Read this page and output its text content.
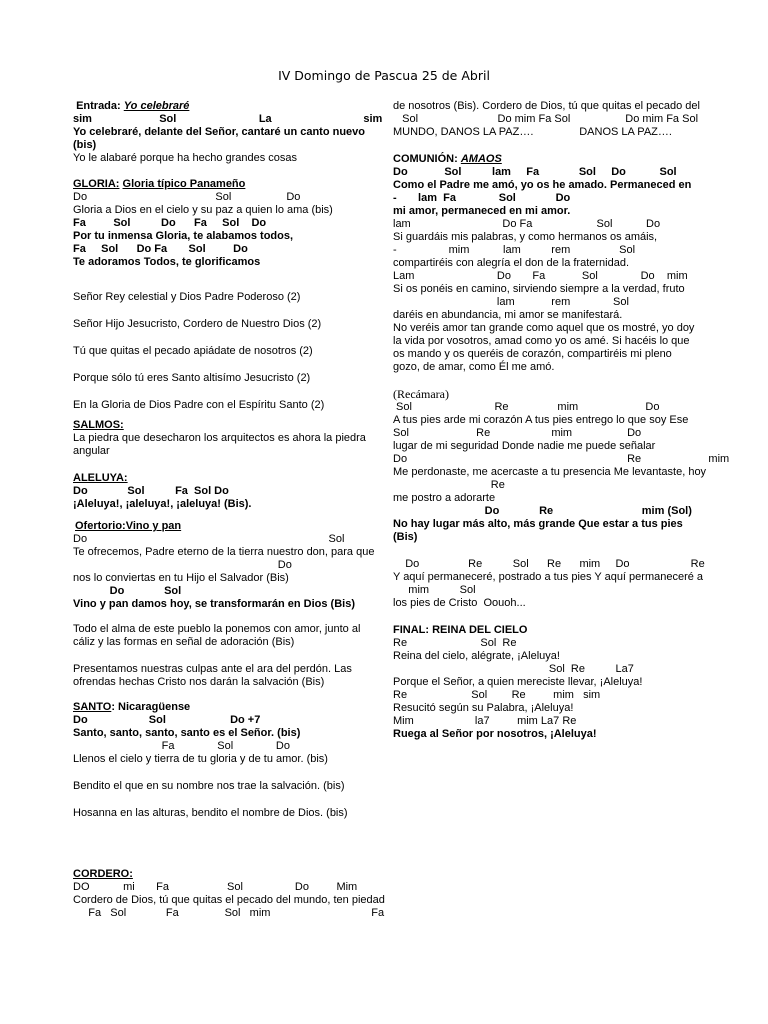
IV Domingo de Pascua 25 de Abril
Entrada: Yo celebraré
sim                      Sol                           La                              sim
Yo celebraré, delante del Señor, cantaré un canto nuevo
(bis)
Yo le alabaré porque ha hecho grandes cosas
GLORIA: Gloria típico Panameño
Do                                          Sol                  Do
Gloria a Dios en el cielo y su paz a quien lo ama (bis)
Fa         Sol          Do      Fa     Sol    Do
Por tu inmensa Gloria, te alabamos todos,
Fa     Sol      Do Fa       Sol         Do
Te adoramos Todos, te glorificamos
Señor Rey celestial y Dios Padre Poderoso (2)
Señor Hijo Jesucristo, Cordero de Nuestro Dios (2)
Tú que quitas el pecado apiádate de nosotros (2)
Porque sólo tú eres Santo altisímo Jesucristo (2)
En la Gloria de Dios Padre con el Espíritu Santo (2)
SALMOS:
La piedra que desecharon los arquitectos es ahora la piedra angular
ALELUYA:
Do             Sol          Fa  Sol Do
¡Aleluya!, ¡aleluya!, ¡aleluya! (Bis).
Ofertorio:Vino y pan
Do                                                                               Sol
Te ofrecemos, Padre eterno de la tierra nuestro don, para que
Do
nos lo conviertas en tu Hijo el Salvador (Bis)
Do             Sol
Vino y pan damos hoy, se transformarán en Dios (Bis)
Todo el alma de este pueblo la ponemos con amor, junto al cáliz y las formas en señal de adoración (Bis)
Presentamos nuestras culpas ante el ara del perdón. Las ofrendas hechas Cristo nos darán la salvación (Bis)
SANTO: Nicaragüense
Do                    Sol                     Do +7
Santo, santo, santo, santo es el Señor. (bis)
Fa              Sol              Do
Llenos el cielo y tierra de tu gloria y de tu amor. (bis)
Bendito el que en su nombre nos trae la salvación. (bis)
Hosanna en las alturas, bendito el nombre de Dios. (bis)
CORDERO:
DO           mi       Fa                   Sol                 Do         Mim
Cordero de Dios, tú que quitas el pecado del mundo, ten piedad
Fa   Sol             Fa               Sol   mim                                 Fa
de nosotros (Bis). Cordero de Dios, tú que quitas el pecado del
Sol                          Do mim Fa Sol                  Do mim Fa Sol
MUNDO, DANOS LA PAZ….               DANOS LA PAZ….
COMUNIÓN: AMAOS
Do            Sol          lam     Fa             Sol     Do           Sol
Como el Padre me amó, yo os he amado. Permaneced en
-       lam  Fa              Sol             Do
mi amor, permaneced en mi amor.
lam                              Do Fa                     Sol           Do
Si guardáis mis palabras, y como hermanos os amáis,
-                 mim           lam          rem                Sol
compartiréis con alegría el don de la fraternidad.
Lam                           Do       Fa            Sol              Do    mim
Si os ponéis en camino, sirviendo siempre a la verdad, fruto
lam            rem              Sol
daréis en abundancia, mi amor se manifestará.
No veréis amor tan grande como aquel que os mostré, yo doy la vida por vosotros, amad como yo os amé. Si hacéis lo que os mando y os queréis de corazón, compartiréis mi pleno gozo, de amar, como Él me amó.
(Recámara)
Sol                           Re                mim                      Do
A tus pies arde mi corazón A tus pies entrego lo que soy Ese
Sol                      Re                    mim                  Do
lugar de mi seguridad Donde nadie me puede señalar
Do                                                                        Re                      mim
Me perdonaste, me acercaste a tu presencia Me levantaste, hoy
Re
me postro a adorarte
Do             Re                             mim (Sol)
No hay lugar más alto, más grande Que estar a tus pies
(Bis)
Do                Re          Sol      Re      mim     Do                    Re
Y aquí permaneceré, postrado a tus pies Y aquí permaneceré a
mim          Sol
los pies de Cristo  Oouoh...
FINAL: REINA DEL CIELO
Re                        Sol  Re
Reina del cielo, alégrate, ¡Aleluya!
Sol  Re          La7
Porque el Señor, a quien mereciste llevar, ¡Aleluya!
Re                     Sol        Re         mim   sim
Resucitó según su Palabra, ¡Aleluya!
Mim                    la7         mim La7 Re
Ruega al Señor por nosotros, ¡Aleluya!
